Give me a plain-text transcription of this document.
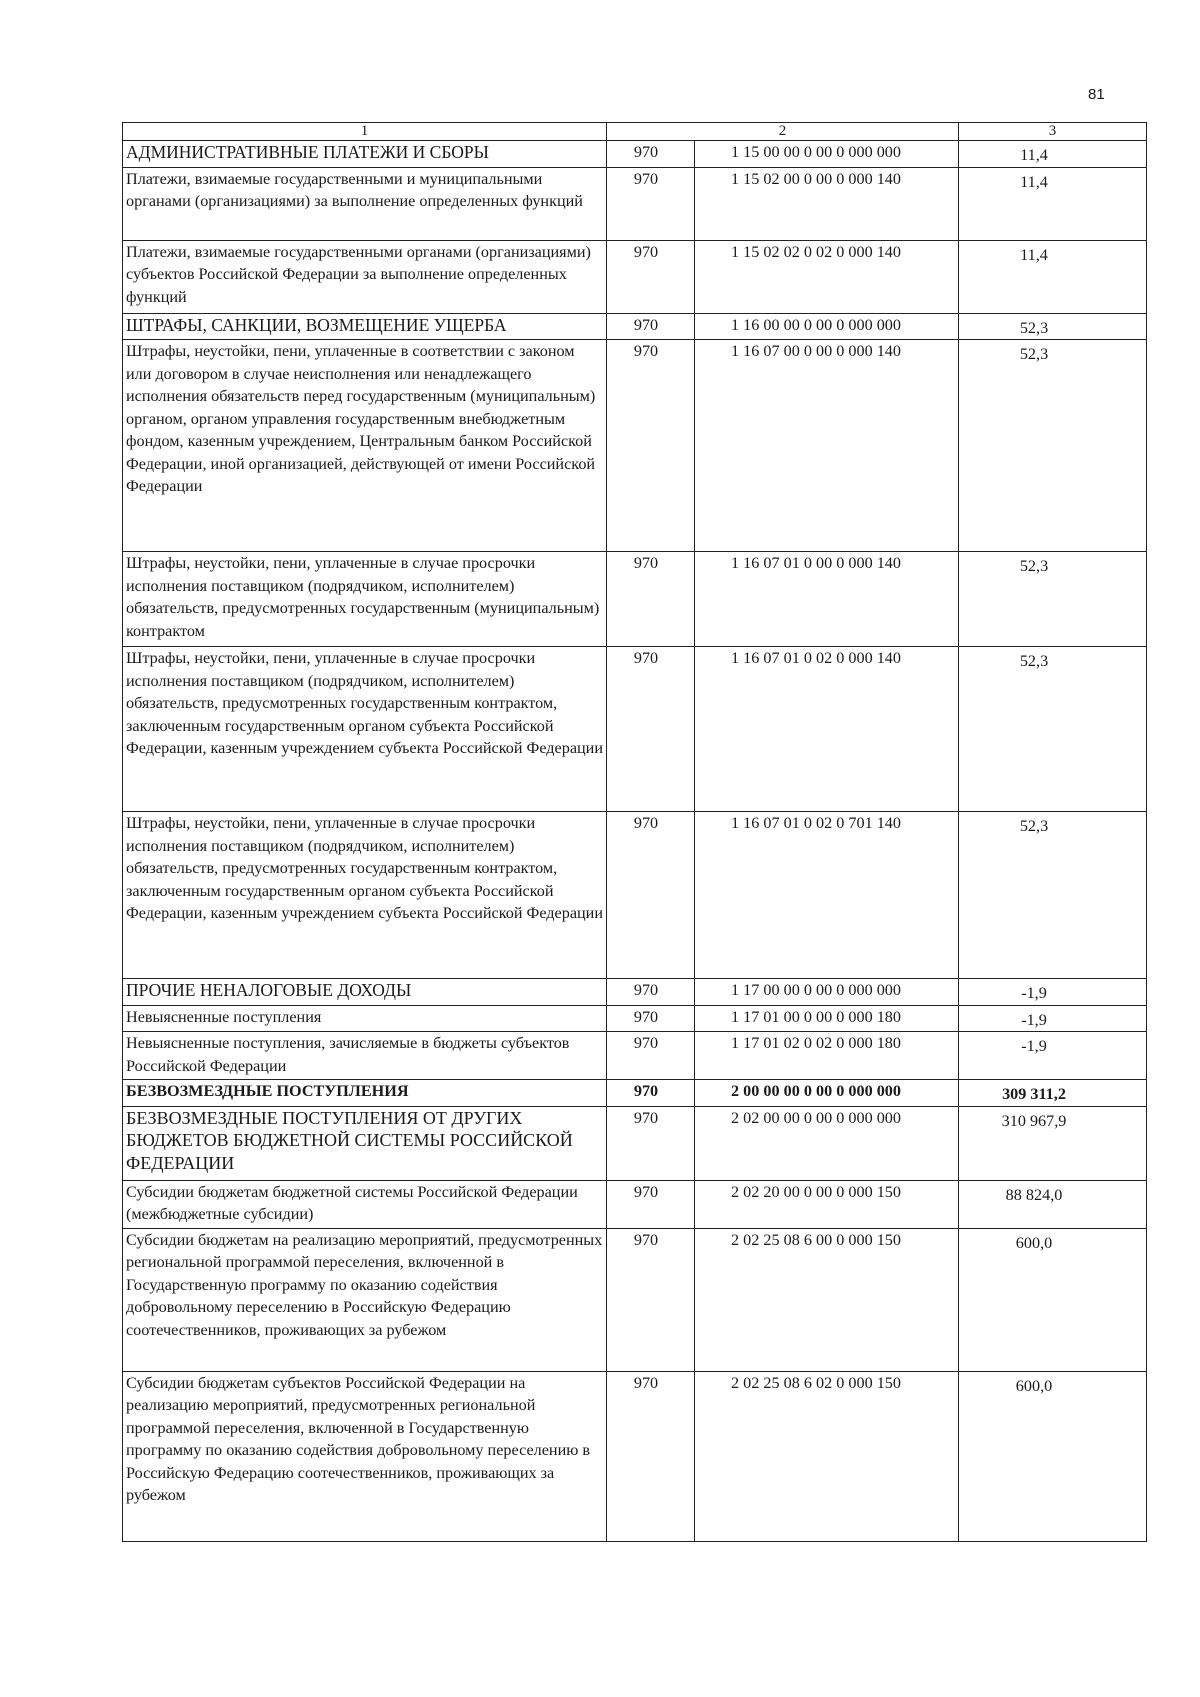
81
1	2		3
АДМИНИСТРАТИВНЫЕ ПЛАТЕЖИ И СБОРЫ	970	1 15 00 00 0 00 0 000 000	11,4
Платежи, взимаемые государственными и муниципальными органами (организациями) за выполнение определенных функций	970	1 15 02 00 0 00 0 000 140	11,4
Платежи, взимаемые государственными органами (организациями) субъектов Российской Федерации за выполнение определенных функций	970	1 15 02 02 0 02 0 000 140	11,4
ШТРАФЫ, САНКЦИИ, ВОЗМЕЩЕНИЕ УЩЕРБА	970	1 16 00 00 0 00 0 000 000	52,3
Штрафы, неустойки, пени, уплаченные в соответствии с законом или договором в случае неисполнения или ненадлежащего исполнения обязательств перед государственным (муниципальным) органом, органом управления государственным внебюджетным фондом, казенным учреждением, Центральным банком Российской Федерации, иной организацией, действующей от имени Российской Федерации	970	1 16 07 00 0 00 0 000 140	52,3
Штрафы, неустойки, пени, уплаченные в случае просрочки исполнения поставщиком (подрядчиком, исполнителем) обязательств, предусмотренных государственным (муниципальным) контрактом	970	1 16 07 01 0 00 0 000 140	52,3
Штрафы, неустойки, пени, уплаченные в случае просрочки исполнения поставщиком (подрядчиком, исполнителем) обязательств, предусмотренных государственным контрактом, заключенным государственным органом субъекта Российской Федерации, казенным учреждением субъекта Российской Федерации	970	1 16 07 01 0 02 0 000 140	52,3
Штрафы, неустойки, пени, уплаченные в случае просрочки исполнения поставщиком (подрядчиком, исполнителем) обязательств, предусмотренных государственным контрактом, заключенным государственным органом субъекта Российской Федерации, казенным учреждением субъекта Российской Федерации	970	1 16 07 01 0 02 0 701 140	52,3
ПРОЧИЕ НЕНАЛОГОВЫЕ ДОХОДЫ	970	1 17 00 00 0 00 0 000 000	-1,9
Невыясненные поступления	970	1 17 01 00 0 00 0 000 180	-1,9
Невыясненные поступления, зачисляемые в бюджеты субъектов Российской Федерации	970	1 17 01 02 0 02 0 000 180	-1,9
БЕЗВОЗМЕЗДНЫЕ ПОСТУПЛЕНИЯ	970	2 00 00 00 0 00 0 000 000	309 311,2
БЕЗВОЗМЕЗДНЫЕ ПОСТУПЛЕНИЯ ОТ ДРУГИХ БЮДЖЕТОВ БЮДЖЕТНОЙ СИСТЕМЫ РОССИЙСКОЙ ФЕДЕРАЦИИ	970	2 02 00 00 0 00 0 000 000	310 967,9
Субсидии бюджетам бюджетной системы Российской Федерации (межбюджетные субсидии)	970	2 02 20 00 0 00 0 000 150	88 824,0
Субсидии бюджетам на реализацию мероприятий, предусмотренных региональной программой переселения, включенной в Государственную программу по оказанию содействия добровольному переселению в Российскую Федерацию соотечественников, проживающих за рубежом	970	2 02 25 08 6 00 0 000 150	600,0
Субсидии бюджетам субъектов Российской Федерации на реализацию мероприятий, предусмотренных региональной программой переселения, включенной в Государственную программу по оказанию содействия добровольному переселению в Российскую Федерацию соотечественников, проживающих за рубежом	970	2 02 25 08 6 02 0 000 150	600,0
